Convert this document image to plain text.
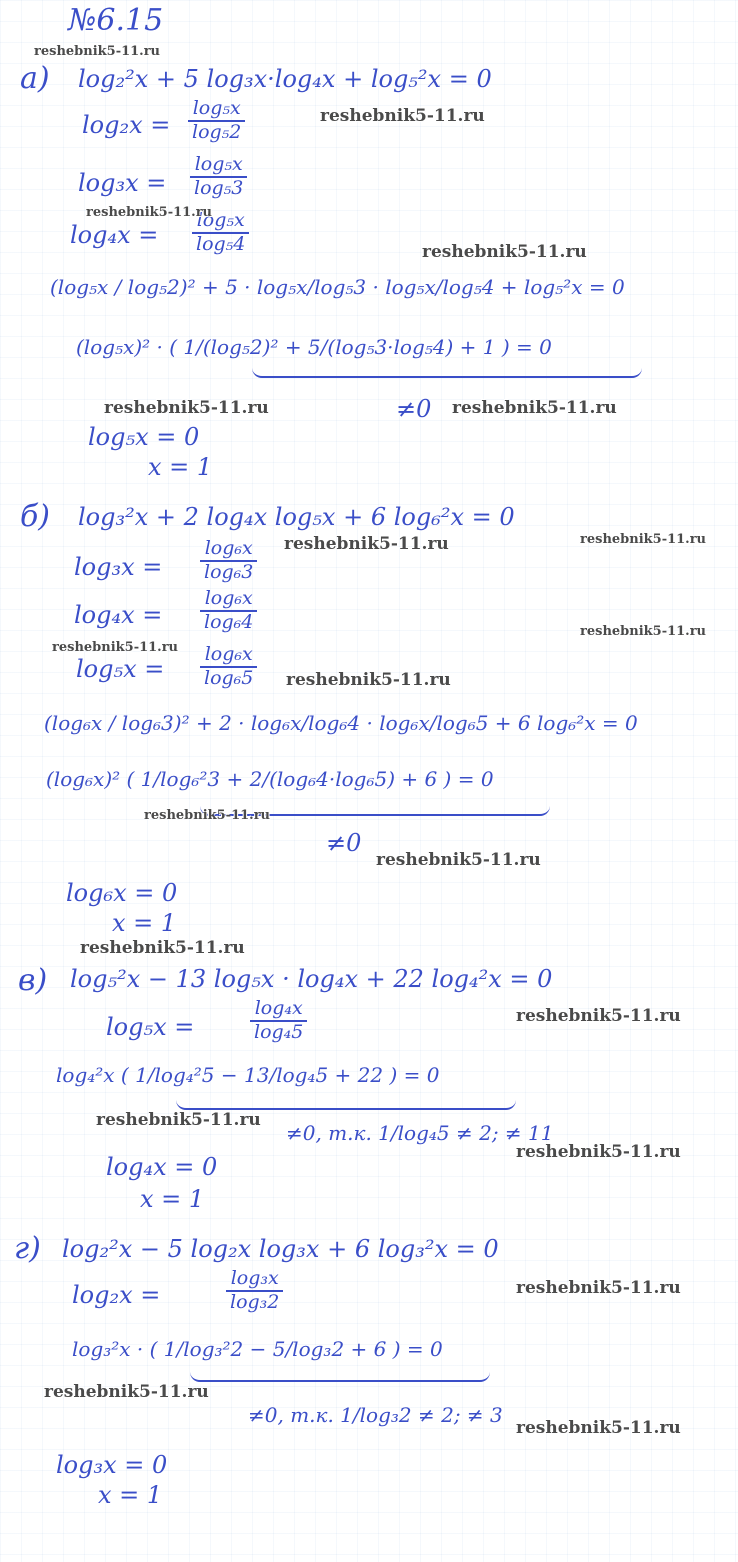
№6.15
а) log₂²x + 5 log₃x·log₄x + log₅²x = 0
$\log_2x = \frac{\text{log₅x}}{\text{log₅2}}$
$\log_3x = \frac{\text{log₅x}}{\text{log₅3}}$
$\log_4x = \frac{\text{log₅x}}{\text{log₅4}}$
(log₅x / log₅2)² + 5 · log₅x/log₅3 · log₅x/log₅4 + log₅²x = 0
(log₅x)² · ( 1/(log₅2)² + 5/(log₅3·log₅4) + 1 ) = 0
≠0
log₅x = 0
x = 1
б) log₃²x + 2 log₄x log₅x + 6 log₆²x = 0
$\log_3x = \frac{\text{log₆x}}{\text{log₆3}}$
$\log_4x = \frac{\text{log₆x}}{\text{log₆4}}$
$\log_5x = \frac{\text{log₆x}}{\text{log₆5}}$
(log₆x / log₆3)² + 2 · log₆x/log₆4 · log₆x/log₆5 + 6 log₆²x = 0
(log₆x)² ( 1/log₆²3 + 2/(log₆4·log₆5) + 6 ) = 0
≠0
log₆x = 0
x = 1
в) log₅²x − 13 log₅x · log₄x + 22 log₄²x = 0
log₅x =	$\frac{\text{log₄x}}{\text{log₄5}}$
log₄²x ( 1/log₄²5 − 13/log₄5 + 22 ) = 0
≠0, т.к. 1/log₄5 ≠ 2; ≠ 11
log₄x = 0
x = 1
г) log₂²x − 5 log₂x log₃x + 6 log₃²x = 0
log₂x =	$\frac{\text{log₃x}}{\text{log₃2}}$
log₃²x · ( 1/log₃²2 − 5/log₃2 + 6 ) = 0
≠0, т.к. 1/log₃2 ≠ 2; ≠ 3
log₃x = 0
x = 1
reshebnik5-11.ru
reshebnik5-11.ru
reshebnik5-11.ru
reshebnik5-11.ru
reshebnik5-11.ru	reshebnik5-11.ru
reshebnik5-11.ru	reshebnik5-11.ru
reshebnik5-11.ru
reshebnik5-11.ru
reshebnik5-11.ru
reshebnik5-11.ru
reshebnik5-11.ru
reshebnik5-11.ru
reshebnik5-11.ru
reshebnik5-11.ru
reshebnik5-11.ru
reshebnik5-11.ru
reshebnik5-11.ru
reshebnik5-11.ru
